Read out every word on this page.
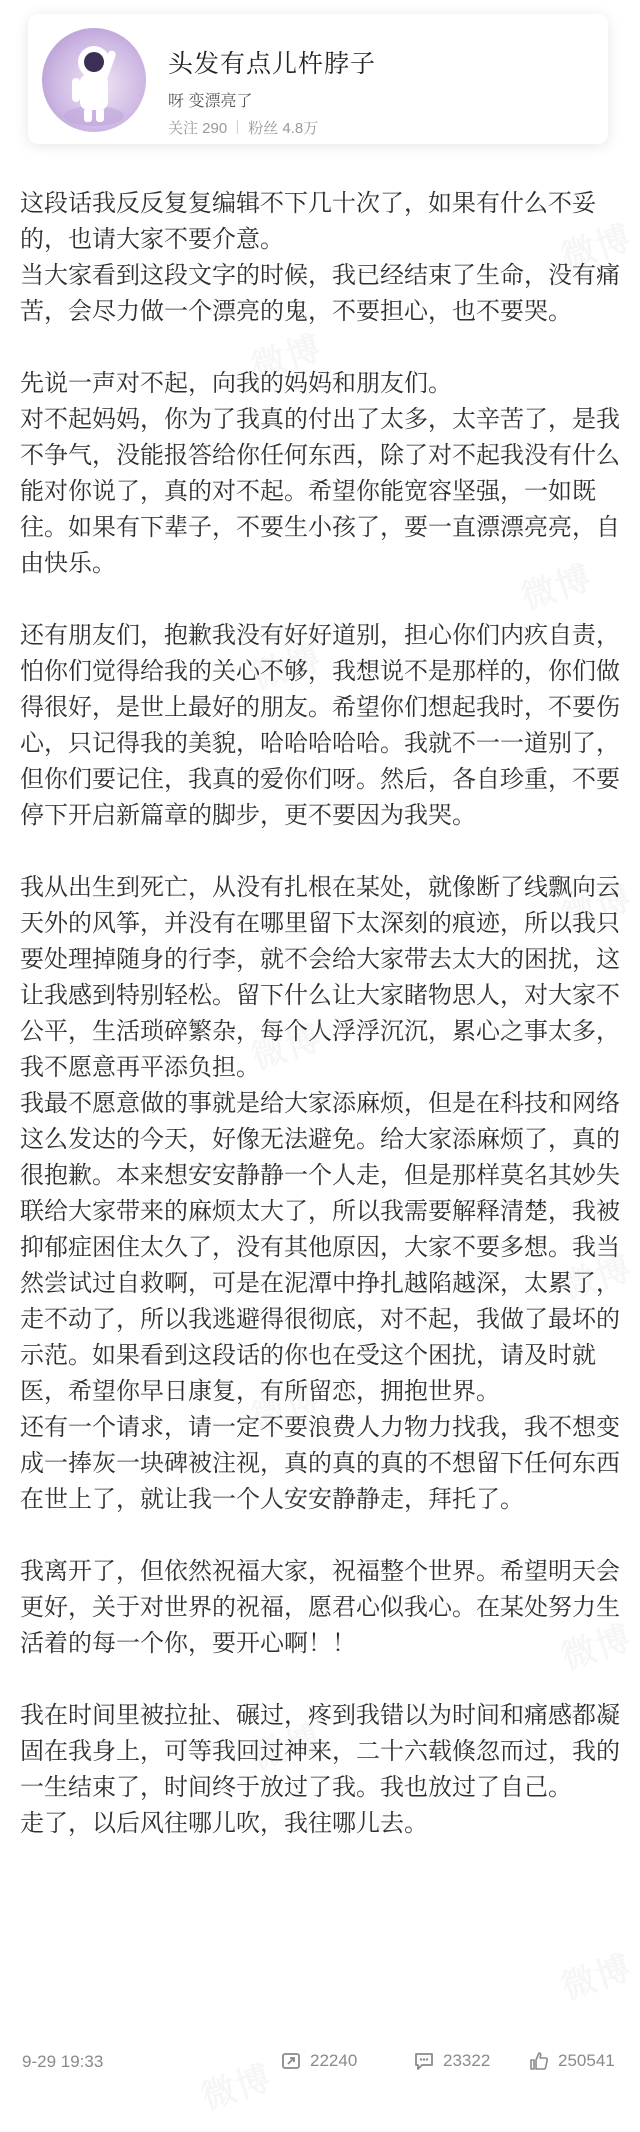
头发有点儿杵脖子
呀 变漂亮了
关注 290 粉丝 4.8万

这段话我反反复复编辑不下几十次了，如果有什么不妥的，也请大家不要介意。

当大家看到这段文字的时候，我已经结束了生命，没有痛苦，会尽力做一个漂亮的鬼，不要担心，也不要哭。

先说一声对不起，向我的妈妈和朋友们。

对不起妈妈，你为了我真的付出了太多，太辛苦了，是我不争气，没能报答给你任何东西，除了对不起我没有什么能对你说了，真的对不起。希望你能宽容坚强，一如既往。如果有下辈子，不要生小孩了，要一直漂漂亮亮，自由快乐。

还有朋友们，抱歉我没有好好道别，担心你们内疚自责，怕你们觉得给我的关心不够，我想说不是那样的，你们做得很好，是世上最好的朋友。希望你们想起我时，不要伤心，只记得我的美貌，哈哈哈哈哈。我就不一一道别了，但你们要记住，我真的爱你们呀。然后，各自珍重，不要停下开启新篇章的脚步，更不要因为我哭。

我从出生到死亡，从没有扎根在某处，就像断了线飘向云天外的风筝，并没有在哪里留下太深刻的痕迹，所以我只要处理掉随身的行李，就不会给大家带去太大的困扰，这让我感到特别轻松。留下什么让大家睹物思人，对大家不公平，生活琐碎繁杂，每个人浮浮沉沉，累心之事太多，我不愿意再平添负担。

我最不愿意做的事就是给大家添麻烦，但是在科技和网络这么发达的今天，好像无法避免。给大家添麻烦了，真的很抱歉。本来想安安静静一个人走，但是那样莫名其妙失联给大家带来的麻烦太大了，所以我需要解释清楚，我被抑郁症困住太久了，没有其他原因，大家不要多想。我当然尝试过自救啊，可是在泥潭中挣扎越陷越深，太累了，走不动了，所以我逃避得很彻底，对不起，我做了最坏的示范。如果看到这段话的你也在受这个困扰，请及时就医，希望你早日康复，有所留恋，拥抱世界。

还有一个请求，请一定不要浪费人力物力找我，我不想变成一捧灰一块碑被注视，真的真的真的不想留下任何东西在世上了，就让我一个人安安静静走，拜托了。

我离开了，但依然祝福大家，祝福整个世界。希望明天会更好，关于对世界的祝福，愿君心似我心。在某处努力生活着的每一个你，要开心啊！！

我在时间里被拉扯、碾过，疼到我错以为时间和痛感都凝固在我身上，可等我回过神来，二十六载倏忽而过，我的一生结束了，时间终于放过了我。我也放过了自己。

走了，以后风往哪儿吹，我往哪儿去。

9-29 19:33	22240	23322	250541
